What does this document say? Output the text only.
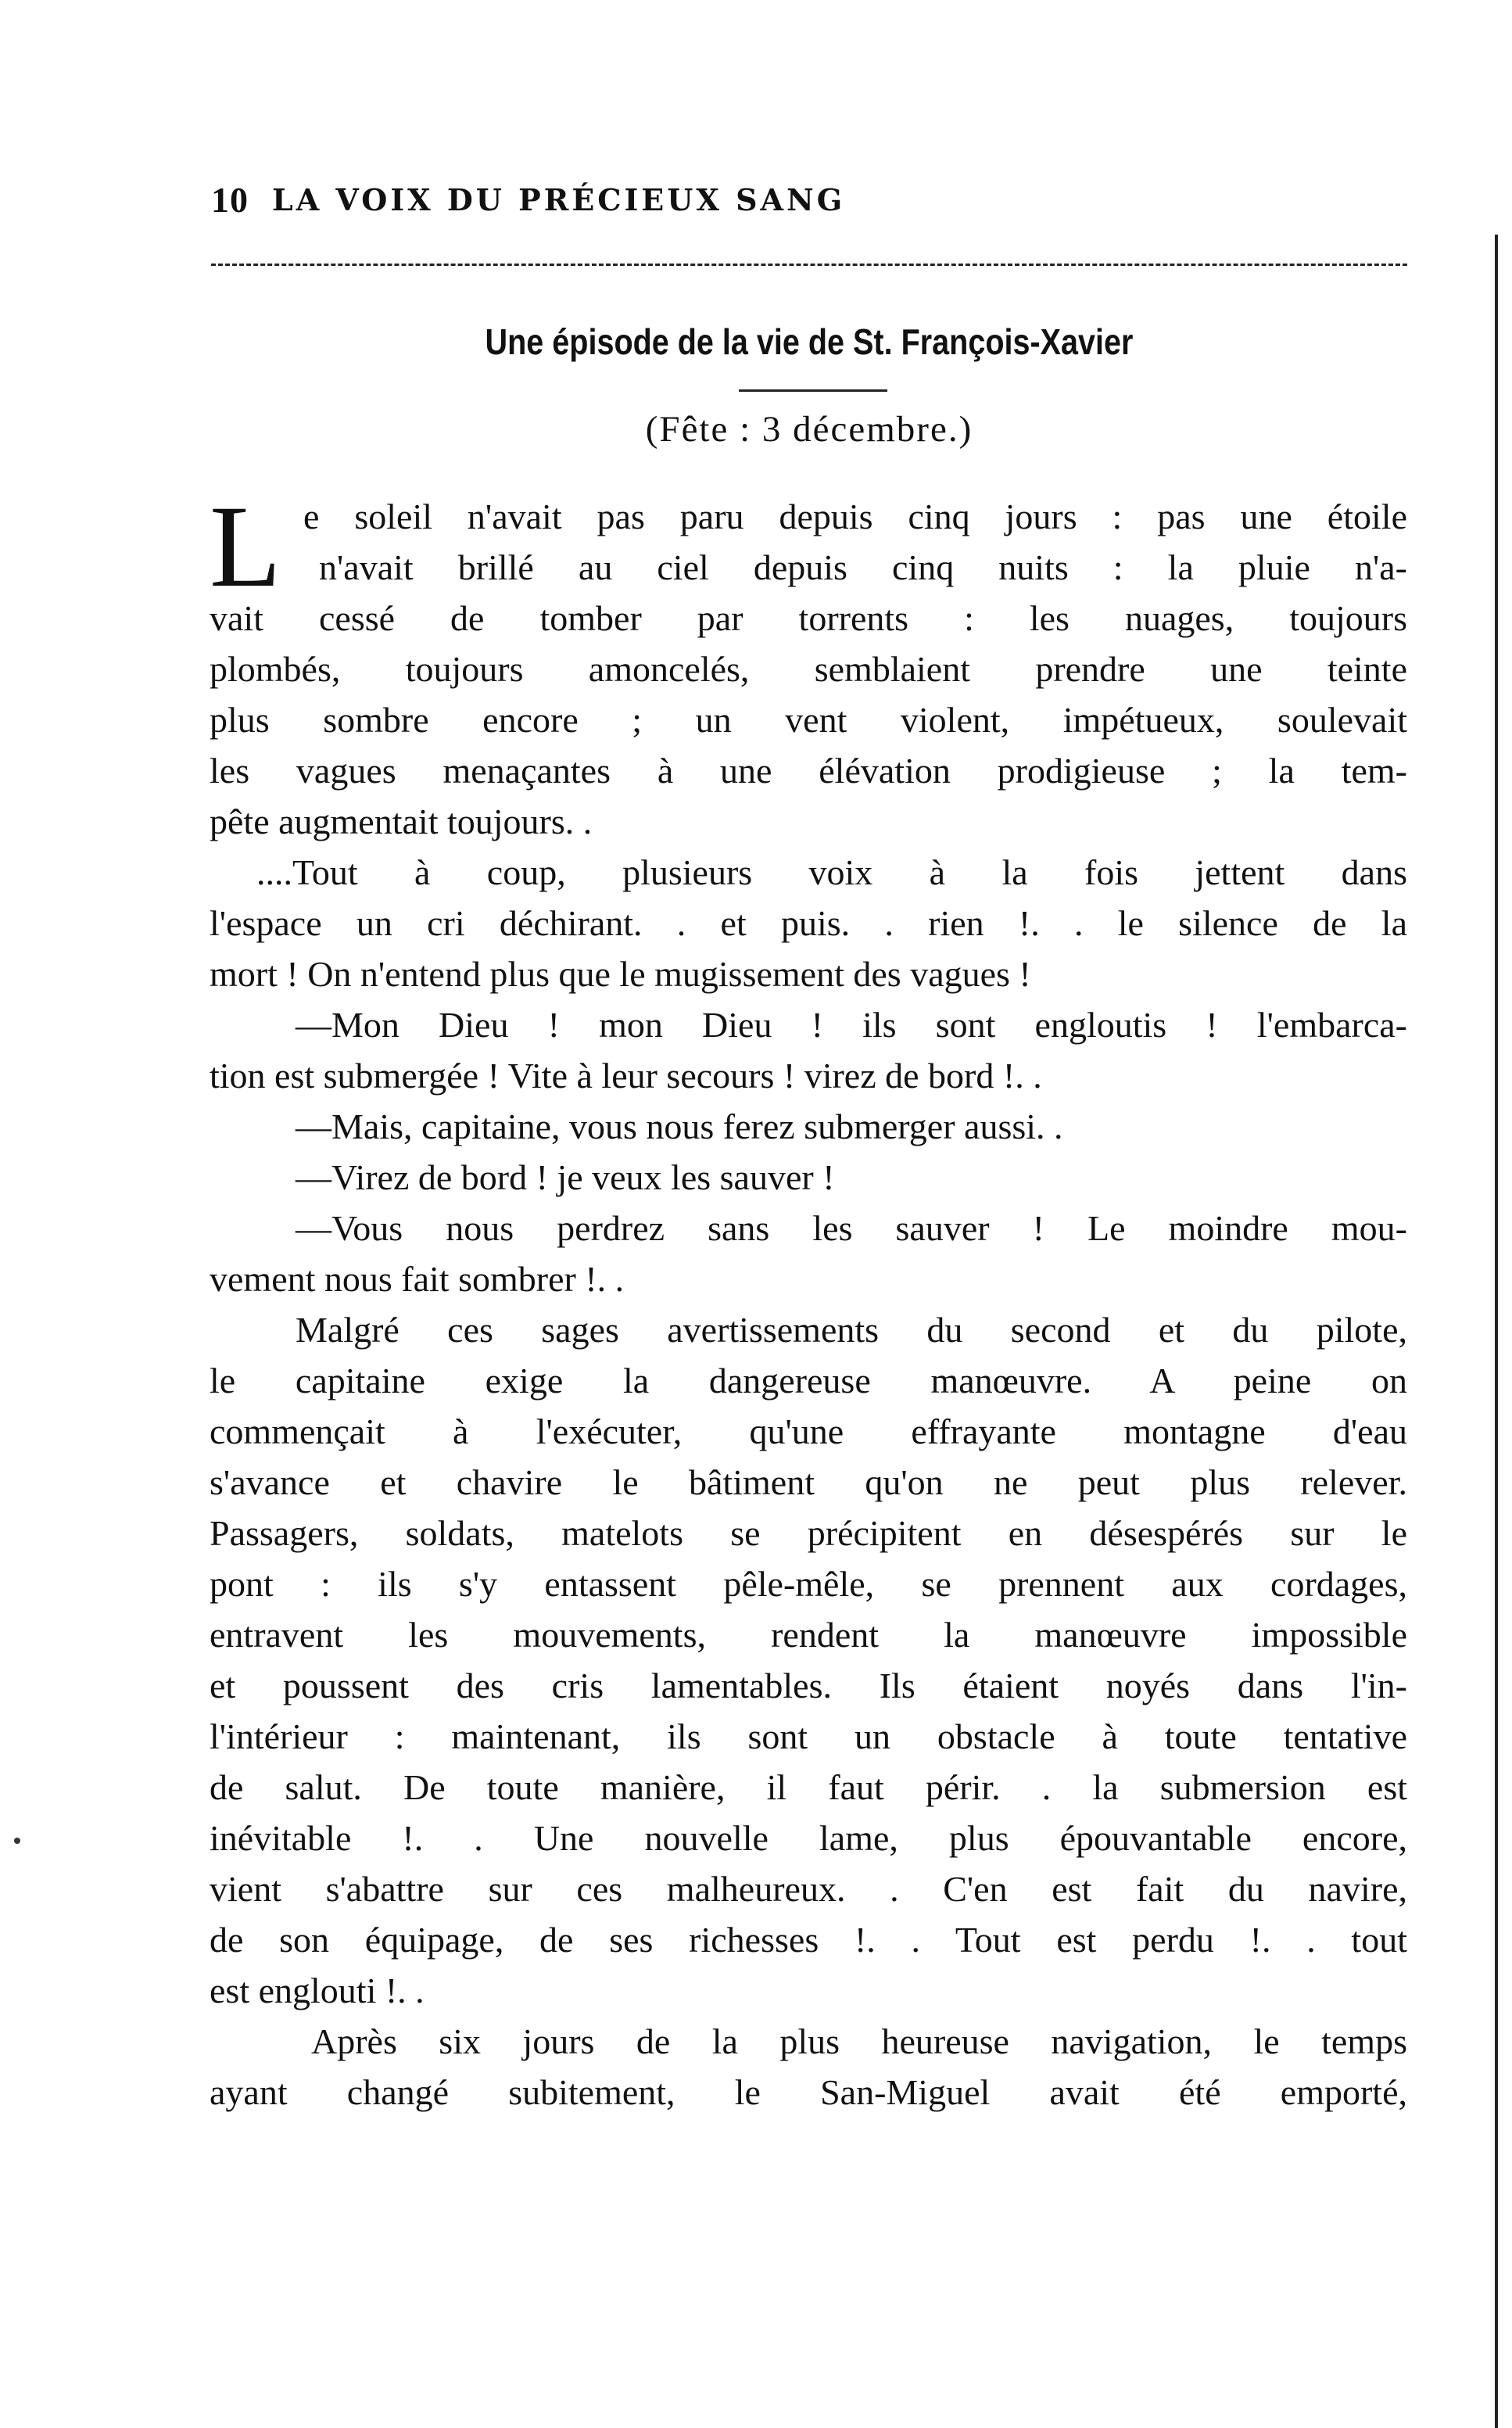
10 LA VOIX DU PRÉCIEUX SANG
Une épisode de la vie de St. François-Xavier
(Fête : 3 décembre.)
L e soleil n'avait pas paru depuis cinq jours : pas une étoile
n'avait brillé au ciel depuis cinq nuits : la pluie n'a-
vait cessé de tomber par torrents : les nuages, toujours
plombés, toujours amoncelés, semblaient prendre une teinte
plus sombre encore ; un vent violent, impétueux, soulevait
les vagues menaçantes à une élévation prodigieuse ; la tem-
pête augmentait toujours. .
....Tout à coup, plusieurs voix à la fois jettent dans
l'espace un cri déchirant. . et puis. . rien !. . le silence de la
mort ! On n'entend plus que le mugissement des vagues !
—Mon Dieu ! mon Dieu ! ils sont engloutis ! l'embarca-
tion est submergée ! Vite à leur secours ! virez de bord !. .
—Mais, capitaine, vous nous ferez submerger aussi. .
—Virez de bord ! je veux les sauver !
—Vous nous perdrez sans les sauver ! Le moindre mou-
vement nous fait sombrer !. .
Malgré ces sages avertissements du second et du pilote,
le capitaine exige la dangereuse manœuvre. A peine on
commençait à l'exécuter, qu'une effrayante montagne d'eau
s'avance et chavire le bâtiment qu'on ne peut plus relever.
Passagers, soldats, matelots se précipitent en désespérés sur le
pont : ils s'y entassent pêle-mêle, se prennent aux cordages,
entravent les mouvements, rendent la manœuvre impossible
et poussent des cris lamentables. Ils étaient noyés dans l'in-
l'intérieur : maintenant, ils sont un obstacle à toute tentative
de salut. De toute manière, il faut périr. . la submersion est
inévitable !. . Une nouvelle lame, plus épouvantable encore,
vient s'abattre sur ces malheureux. . C'en est fait du navire,
de son équipage, de ses richesses !. . Tout est perdu !. . tout
est englouti !. .
Après six jours de la plus heureuse navigation, le temps
ayant changé subitement, le San-Miguel avait été emporté,
